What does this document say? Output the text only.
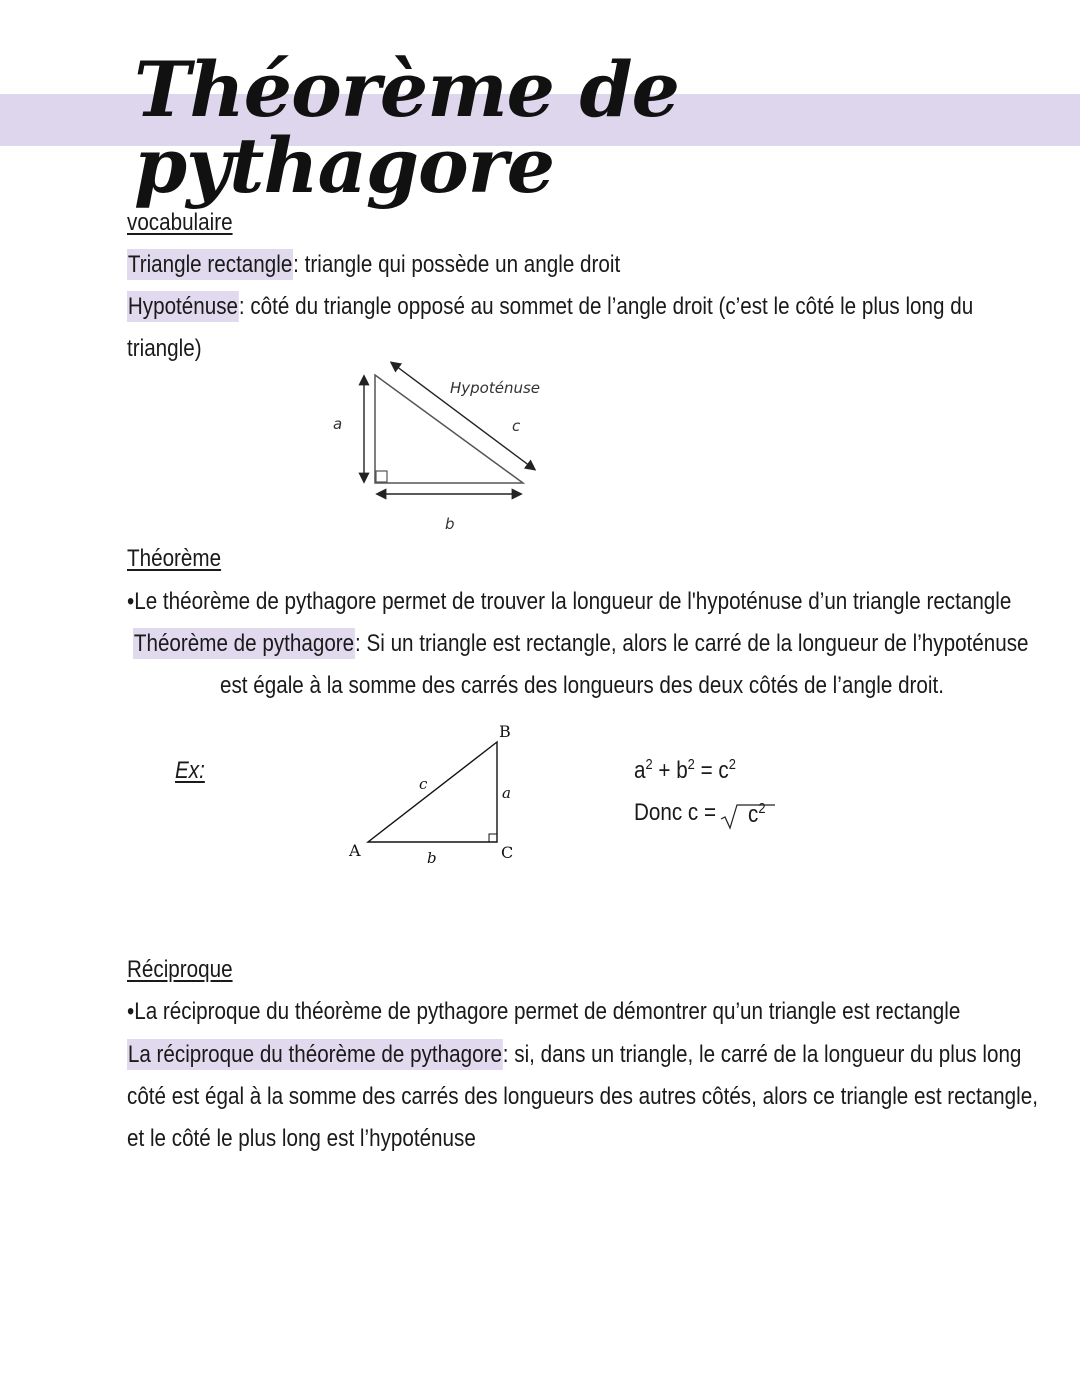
Théorème de pythagore
vocabulaire
Triangle rectangle: triangle qui possède un angle droit
Hypoténuse: côté du triangle opposé au sommet de l’angle droit (c’est le côté le plus long du
triangle)
Hypoténuse
a
b
c
Théorème
•Le théorème de pythagore permet de trouver la longueur de l'hypoténuse d’un triangle rectangle
Théorème de pythagore: Si un triangle est rectangle, alors le carré de la longueur de l’hypoténuse
est égale à la somme des carrés des longueurs des deux côtés de l’angle droit.
Ex:
B
A	C
c	a
b
$a^2 + b^2 = c^2$
Donc $c = c^2$
Réciproque
•La réciproque du théorème de pythagore permet de démontrer qu’un triangle est rectangle
La réciproque du théorème de pythagore: si, dans un triangle, le carré de la longueur du plus long
côté est égal à la somme des carrés des longueurs des autres côtés, alors ce triangle est rectangle,
et le côté le plus long est l’hypoténuse
